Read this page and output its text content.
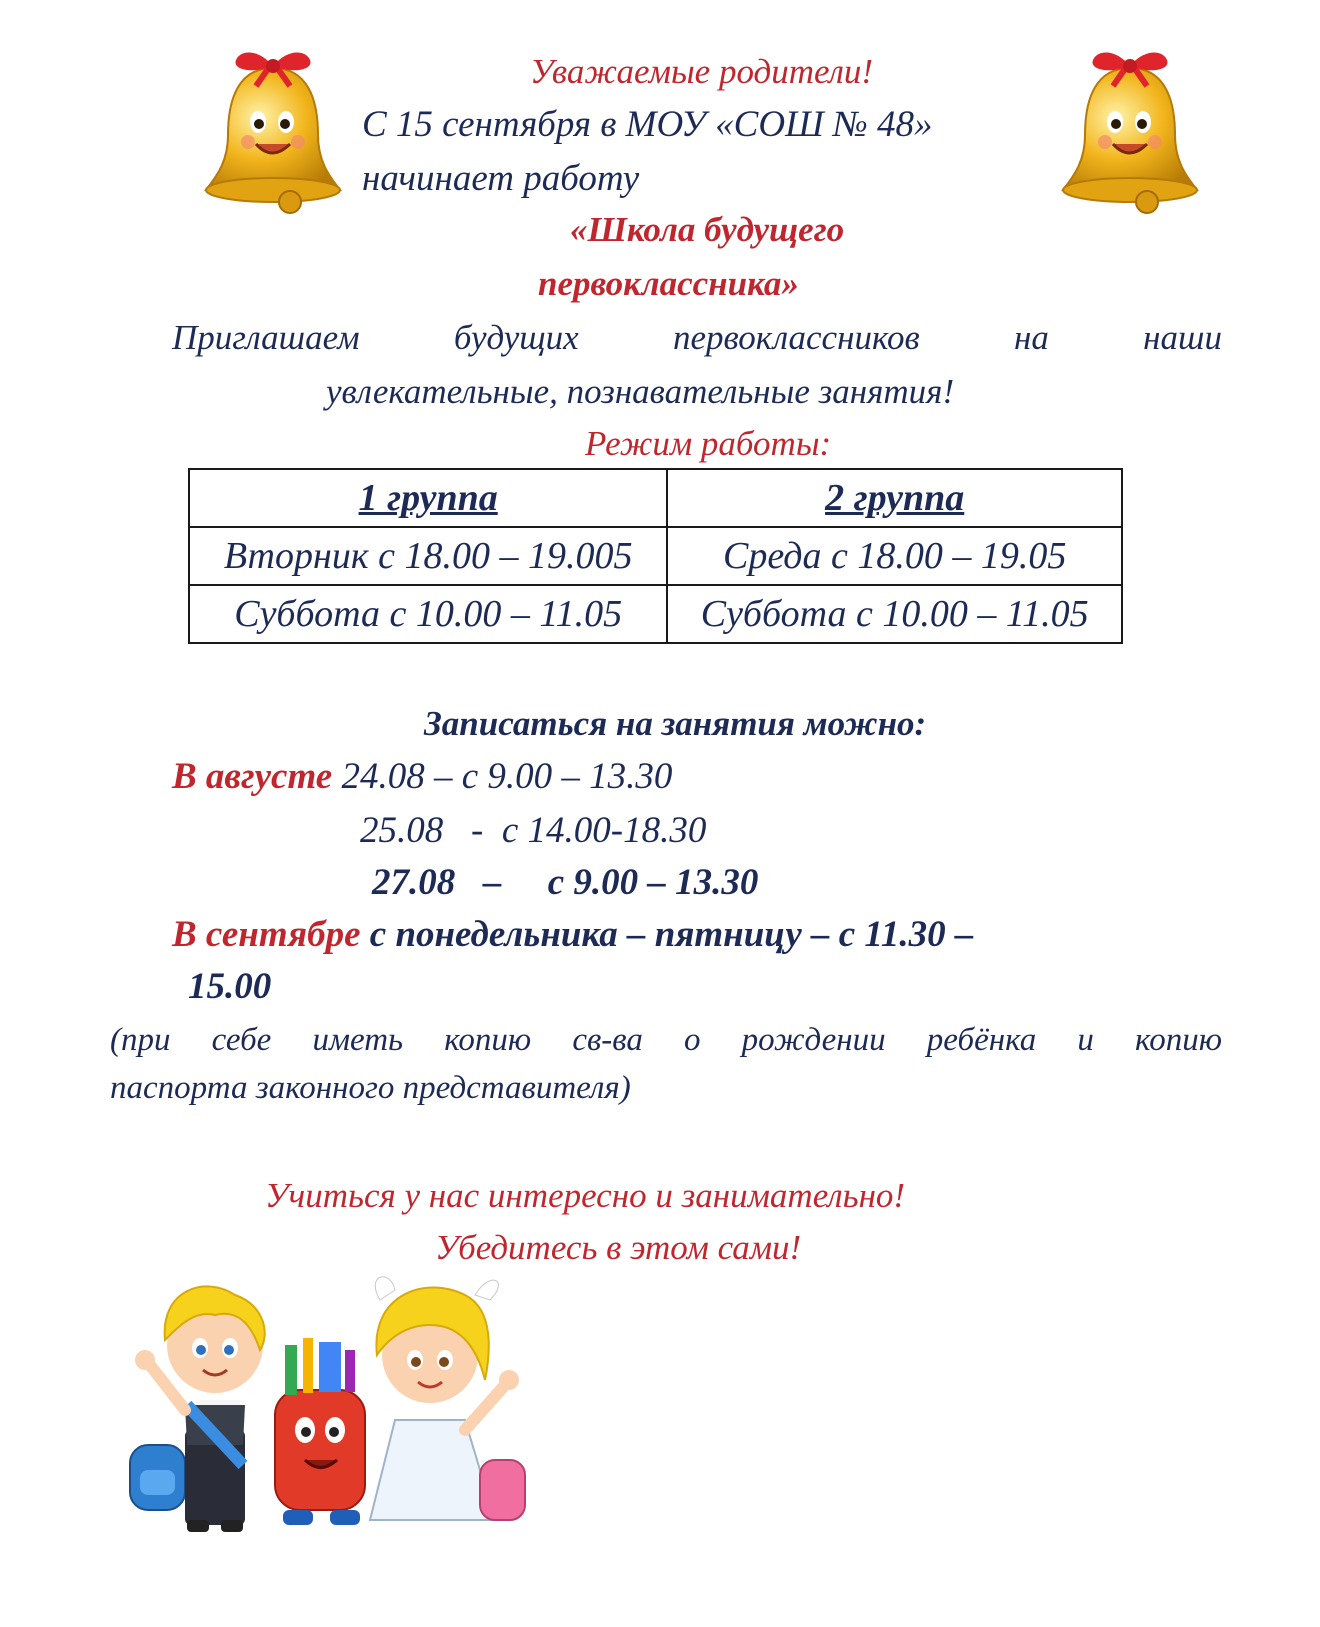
Уважаемые родители!
С 15 сентября в МОУ «СОШ № 48»
начинает работу
«Школа будущего
первоклассника»
Приглашаем	будущих	первоклассников	на	наши
увлекательные, познавательные занятия!
Режим работы:
1 группа	2 группа
Вторник с 18.00 – 19.005	Среда с 18.00 – 19.05
Суббота с 10.00 – 11.05	Суббота с 10.00 – 11.05
Записаться на занятия можно:
В августе 24.08 – с 9.00 – 13.30
25.08   -  с 14.00-18.30
27.08   –     с 9.00 – 13.30
В сентябре с понедельника – пятницу – с 11.30 –
15.00
(при себе иметь копию св-ва о рождении ребёнка и копию
паспорта законного представителя)
Учиться у нас интересно и занимательно!
Убедитесь в этом сами!
